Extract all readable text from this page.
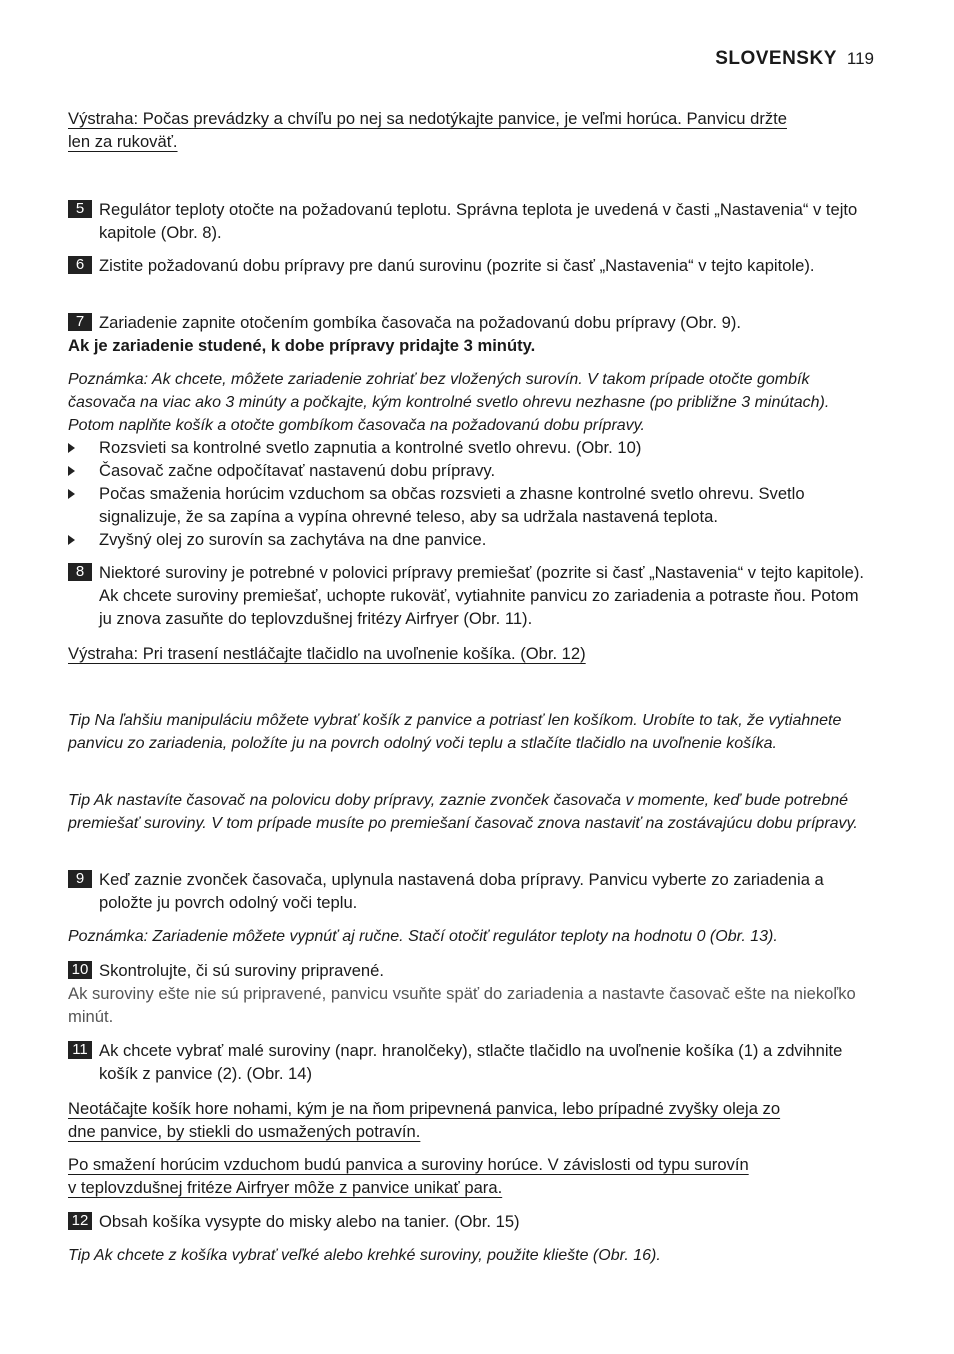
SLOVENSKY 119
Výstraha: Počas prevádzky a chvíľu po nej sa nedotýkajte panvice, je veľmi horúca. Panvicu držte
len za rukoväť.
5 Regulátor teploty otočte na požadovanú teplotu. Správna teplota je uvedená v časti „Nastavenia“ v tejto kapitole (Obr. 8).
6 Zistite požadovanú dobu prípravy pre danú surovinu (pozrite si časť „Nastavenia“ v tejto kapitole).
7 Zariadenie zapnite otočením gombíka časovača na požadovanú dobu prípravy (Obr. 9).
Ak je zariadenie studené, k dobe prípravy pridajte 3 minúty.
Poznámka: Ak chcete, môžete zariadenie zohriať bez vložených surovín. V takom prípade otočte gombík časovača na viac ako 3 minúty a počkajte, kým kontrolné svetlo ohrevu nezhasne (po približne 3 minútach). Potom naplňte košík a otočte gombíkom časovača na požadovanú dobu prípravy.
Rozsvieti sa kontrolné svetlo zapnutia a kontrolné svetlo ohrevu. (Obr. 10)
Časovač začne odpočítavať nastavenú dobu prípravy.
Počas smaženia horúcim vzduchom sa občas rozsvieti a zhasne kontrolné svetlo ohrevu. Svetlo signalizuje, že sa zapína a vypína ohrevné teleso, aby sa udržala nastavená teplota.
Zvyšný olej zo surovín sa zachytáva na dne panvice.
8 Niektoré suroviny je potrebné v polovici prípravy premiešať (pozrite si časť „Nastavenia“ v tejto kapitole). Ak chcete suroviny premiešať, uchopte rukoväť, vytiahnite panvicu zo zariadenia a potraste ňou. Potom ju znova zasuňte do teplovzdušnej fritézy Airfryer (Obr. 11).
Výstraha: Pri trasení nestláčajte tlačidlo na uvoľnenie košíka. (Obr. 12)
Tip Na ľahšiu manipuláciu môžete vybrať košík z panvice a potriasť len košíkom. Urobíte to tak, že vytiahnete panvicu zo zariadenia, položíte ju na povrch odolný voči teplu a stlačíte tlačidlo na uvoľnenie košíka.
Tip Ak nastavíte časovač na polovicu doby prípravy, zaznie zvonček časovača v momente, keď bude potrebné premiešať suroviny. V tom prípade musíte po premiešaní časovač znova nastaviť na zostávajúcu dobu prípravy.
9 Keď zaznie zvonček časovača, uplynula nastavená doba prípravy. Panvicu vyberte zo zariadenia a položte ju povrch odolný voči teplu.
Poznámka: Zariadenie môžete vypnúť aj ručne. Stačí otočiť regulátor teploty na hodnotu 0 (Obr. 13).
10 Skontrolujte, či sú suroviny pripravené.
Ak suroviny ešte nie sú pripravené, panvicu vsuňte späť do zariadenia a nastavte časovač ešte na niekoľko minút.
11 Ak chcete vybrať malé suroviny (napr. hranolčeky), stlačte tlačidlo na uvoľnenie košíka (1) a zdvihnite košík z panvice (2). (Obr. 14)
Neotáčajte košík hore nohami, kým je na ňom pripevnená panvica, lebo prípadné zvyšky oleja zo
dne panvice, by stiekli do usmažených potravín.
Po smažení horúcim vzduchom budú panvica a suroviny horúce. V závislosti od typu surovín
v teplovzdušnej fritéze Airfryer môže z panvice unikať para.
12 Obsah košíka vysypte do misky alebo na tanier. (Obr. 15)
Tip Ak chcete z košíka vybrať veľké alebo krehké suroviny, použite kliešte (Obr. 16).
